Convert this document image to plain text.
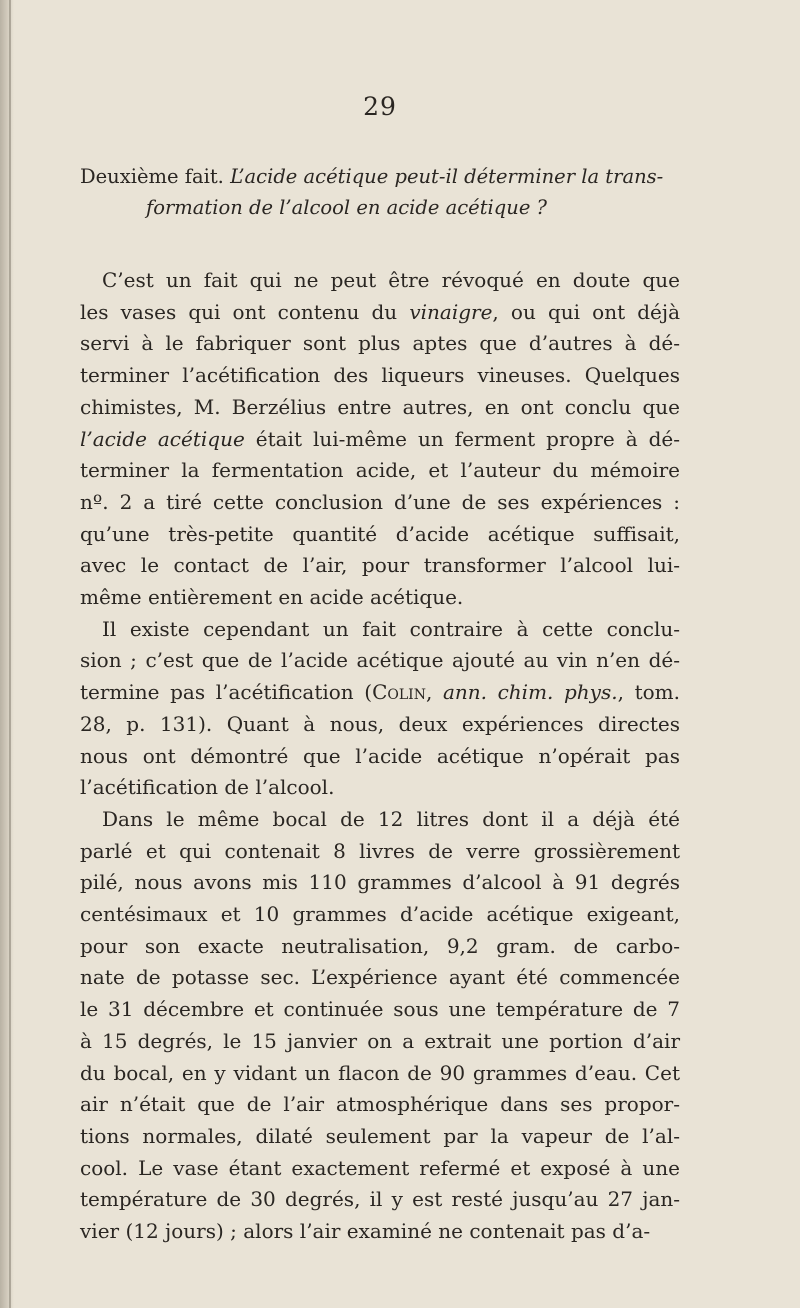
29
Deuxième fait. L’acide acétique peut-il déterminer la trans-
formation de l’alcool en acide acétique ?
C’est un fait qui ne peut être révoqué en doute que
les vases qui ont contenu du vinaigre, ou qui ont déjà
servi à le fabriquer sont plus aptes que d’autres à dé-
terminer l’acétification des liqueurs vineuses. Quelques
chimistes, M. Berzélius entre autres, en ont conclu que
l’acide acétique était lui-même un ferment propre à dé-
terminer la fermentation acide, et l’auteur du mémoire
nº. 2 a tiré cette conclusion d’une de ses expériences :
qu’une très-petite quantité d’acide acétique suffisait,
avec le contact de l’air, pour transformer l’alcool lui-
même entièrement en acide acétique.
Il existe cependant un fait contraire à cette conclu-
sion ; c’est que de l’acide acétique ajouté au vin n’en dé-
termine pas l’acétification (Colin, ann. chim. phys., tom.
28, p. 131). Quant à nous, deux expériences directes
nous ont démontré que l’acide acétique n’opérait pas
l’acétification de l’alcool.
Dans le même bocal de 12 litres dont il a déjà été
parlé et qui contenait 8 livres de verre grossièrement
pilé, nous avons mis 110 grammes d’alcool à 91 degrés
centésimaux et 10 grammes d’acide acétique exigeant,
pour son exacte neutralisation, 9,2 gram. de carbo-
nate de potasse sec. L’expérience ayant été commencée
le 31 décembre et continuée sous une température de 7
à 15 degrés, le 15 janvier on a extrait une portion d’air
du bocal, en y vidant un flacon de 90 grammes d’eau. Cet
air n’était que de l’air atmosphérique dans ses propor-
tions normales, dilaté seulement par la vapeur de l’al-
cool. Le vase étant exactement refermé et exposé à une
température de 30 degrés, il y est resté jusqu’au 27 jan-
vier (12 jours) ; alors l’air examiné ne contenait pas d’a-
